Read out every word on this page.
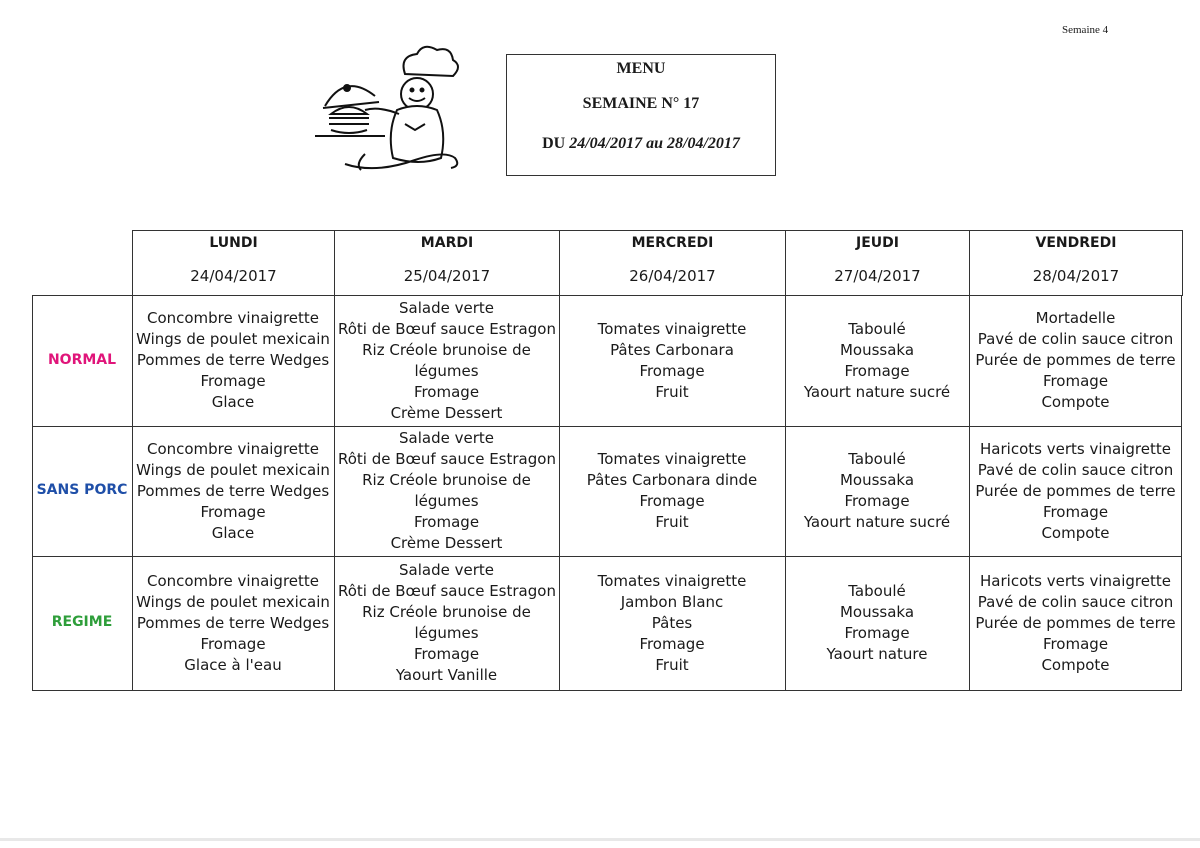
Semaine 4
MENU
SEMAINE N° 17
DU 24/04/2017 au 28/04/2017
LUNDI
24/04/2017
MARDI
25/04/2017
MERCREDI
26/04/2017
JEUDI
27/04/2017
VENDREDI
28/04/2017
NORMAL
Concombre vinaigrette
Wings de poulet mexicain
Pommes de terre Wedges
Fromage
Glace
Salade verte
Rôti de Bœuf sauce Estragon
Riz Créole brunoise de
légumes
Fromage
Crème Dessert
Tomates vinaigrette
Pâtes Carbonara
Fromage
Fruit
Taboulé
Moussaka
Fromage
Yaourt nature sucré
Mortadelle
Pavé de colin sauce citron
Purée de pommes de terre
Fromage
Compote
SANS PORC
Concombre vinaigrette
Wings de poulet mexicain
Pommes de terre Wedges
Fromage
Glace
Salade verte
Rôti de Bœuf sauce Estragon
Riz Créole brunoise de
légumes
Fromage
Crème Dessert
Tomates vinaigrette
Pâtes Carbonara dinde
Fromage
Fruit
Taboulé
Moussaka
Fromage
Yaourt nature sucré
Haricots verts vinaigrette
Pavé de colin sauce citron
Purée de pommes de terre
Fromage
Compote
REGIME
Concombre vinaigrette
Wings de poulet mexicain
Pommes de terre Wedges
Fromage
Glace à l'eau
Salade verte
Rôti de Bœuf sauce Estragon
Riz Créole brunoise de
légumes
Fromage
Yaourt Vanille
Tomates vinaigrette
Jambon Blanc
Pâtes
Fromage
Fruit
Taboulé
Moussaka
Fromage
Yaourt nature
Haricots verts vinaigrette
Pavé de colin sauce citron
Purée de pommes de terre
Fromage
Compote
